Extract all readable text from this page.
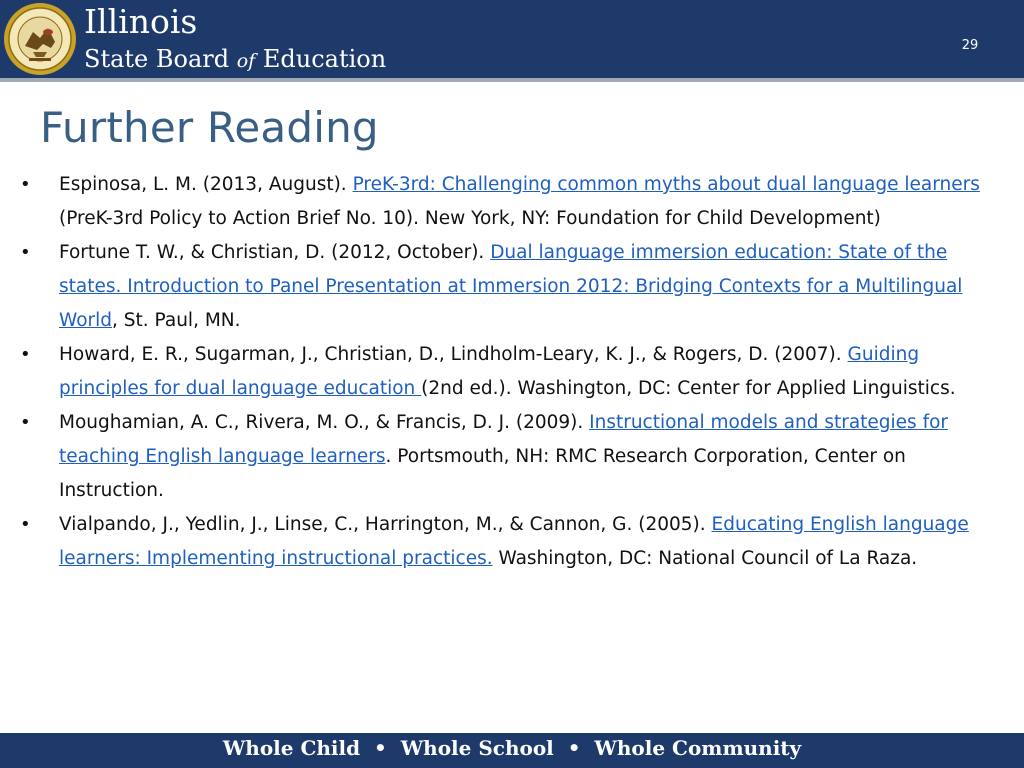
Illinois
State Board of Education	29
Further Reading
• Espinosa, L. M. (2013, August). PreK-3rd: Challenging common myths about dual language learners (PreK-3rd Policy to Action Brief No. 10). New York, NY: Foundation for Child Development)
• Fortune T. W., & Christian, D. (2012, October). Dual language immersion education: State of the states. Introduction to Panel Presentation at Immersion 2012: Bridging Contexts for a Multilingual World, St. Paul, MN.
• Howard, E. R., Sugarman, J., Christian, D., Lindholm-Leary, K. J., & Rogers, D. (2007). Guiding principles for dual language education (2nd ed.). Washington, DC: Center for Applied Linguistics.
• Moughamian, A. C., Rivera, M. O., & Francis, D. J. (2009). Instructional models and strategies for teaching English language learners. Portsmouth, NH: RMC Research Corporation, Center on Instruction.
• Vialpando, J., Yedlin, J., Linse, C., Harrington, M., & Cannon, G. (2005). Educating English language learners: Implementing instructional practices. Washington, DC: National Council of La Raza.
Whole Child  •  Whole School  •  Whole Community
